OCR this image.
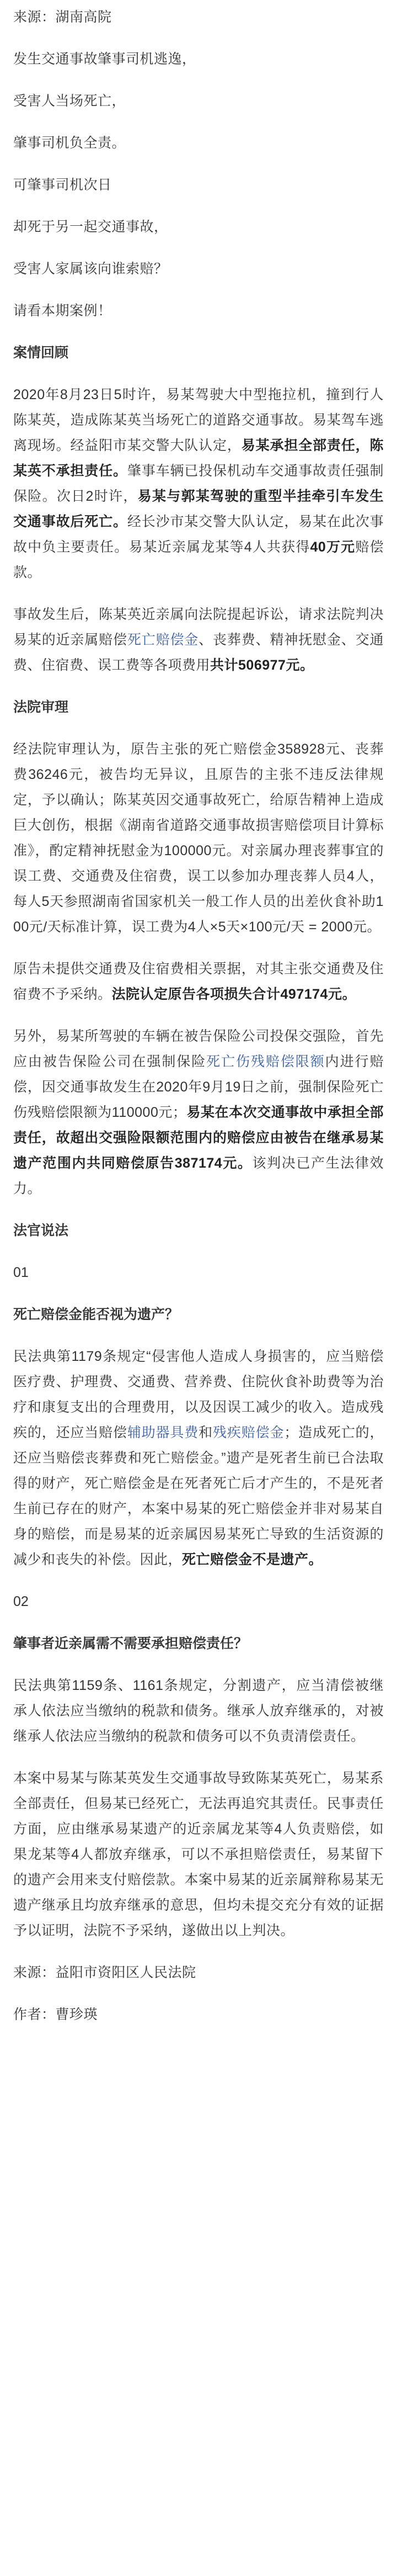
来源：湖南高院

发生交通事故肇事司机逃逸，

受害人当场死亡，

肇事司机负全责。

可肇事司机次日

却死于另一起交通事故，

受害人家属该向谁索赔？

请看本期案例！

案情回顾

2020年8月23日5时许，易某驾驶大中型拖拉机，撞到行人陈某英，造成陈某英当场死亡的道路交通事故。易某驾车逃离现场。经益阳市某交警大队认定，易某承担全部责任，陈某英不承担责任。肇事车辆已投保机动车交通事故责任强制保险。次日2时许，易某与郭某驾驶的重型半挂牵引车发生交通事故后死亡。经长沙市某交警大队认定，易某在此次事故中负主要责任。易某近亲属龙某等4人共获得40万元赔偿款。

事故发生后，陈某英近亲属向法院提起诉讼，请求法院判决易某的近亲属赔偿死亡赔偿金、丧葬费、精神抚慰金、交通费、住宿费、误工费等各项费用共计506977元。

法院审理

经法院审理认为，原告主张的死亡赔偿金358928元、丧葬费36246元，被告均无异议，且原告的主张不违反法律规定，予以确认；陈某英因交通事故死亡，给原告精神上造成巨大创伤，根据《湖南省道路交通事故损害赔偿项目计算标准》，酌定精神抚慰金为100000元。对亲属办理丧葬事宜的误工费、交通费及住宿费，误工以参加办理丧葬人员4人，每人5天参照湖南省国家机关一般工作人员的出差伙食补助100元/天标准计算，误工费为4人×5天×100元/天 = 2000元。

原告未提供交通费及住宿费相关票据，对其主张交通费及住宿费不予采纳。法院认定原告各项损失合计497174元。

另外，易某所驾驶的车辆在被告保险公司投保交强险，首先应由被告保险公司在强制保险死亡伤残赔偿限额内进行赔偿，因交通事故发生在2020年9月19日之前，强制保险死亡伤残赔偿限额为110000元；易某在本次交通事故中承担全部责任，故超出交强险限额范围内的赔偿应由被告在继承易某遗产范围内共同赔偿原告387174元。该判决已产生法律效力。

法官说法

01

死亡赔偿金能否视为遗产？

民法典第1179条规定“侵害他人造成人身损害的，应当赔偿医疗费、护理费、交通费、营养费、住院伙食补助费等为治疗和康复支出的合理费用，以及因误工减少的收入。造成残疾的，还应当赔偿辅助器具费和残疾赔偿金；造成死亡的，还应当赔偿丧葬费和死亡赔偿金。”遗产是死者生前已合法取得的财产，死亡赔偿金是在死者死亡后才产生的，不是死者生前已存在的财产，本案中易某的死亡赔偿金并非对易某自身的赔偿，而是易某的近亲属因易某死亡导致的生活资源的减少和丧失的补偿。因此，死亡赔偿金不是遗产。

02

肇事者近亲属需不需要承担赔偿责任？

民法典第1159条、1161条规定，分割遗产，应当清偿被继承人依法应当缴纳的税款和债务。继承人放弃继承的，对被继承人依法应当缴纳的税款和债务可以不负责清偿责任。

本案中易某与陈某英发生交通事故导致陈某英死亡，易某系全部责任，但易某已经死亡，无法再追究其责任。民事责任方面，应由继承易某遗产的近亲属龙某等4人负责赔偿，如果龙某等4人都放弃继承，可以不承担赔偿责任，易某留下的遗产会用来支付赔偿款。本案中易某的近亲属辩称易某无遗产继承且均放弃继承的意思，但均未提交充分有效的证据予以证明，法院不予采纳，遂做出以上判决。

来源：益阳市资阳区人民法院

作者：曹珍瑛
